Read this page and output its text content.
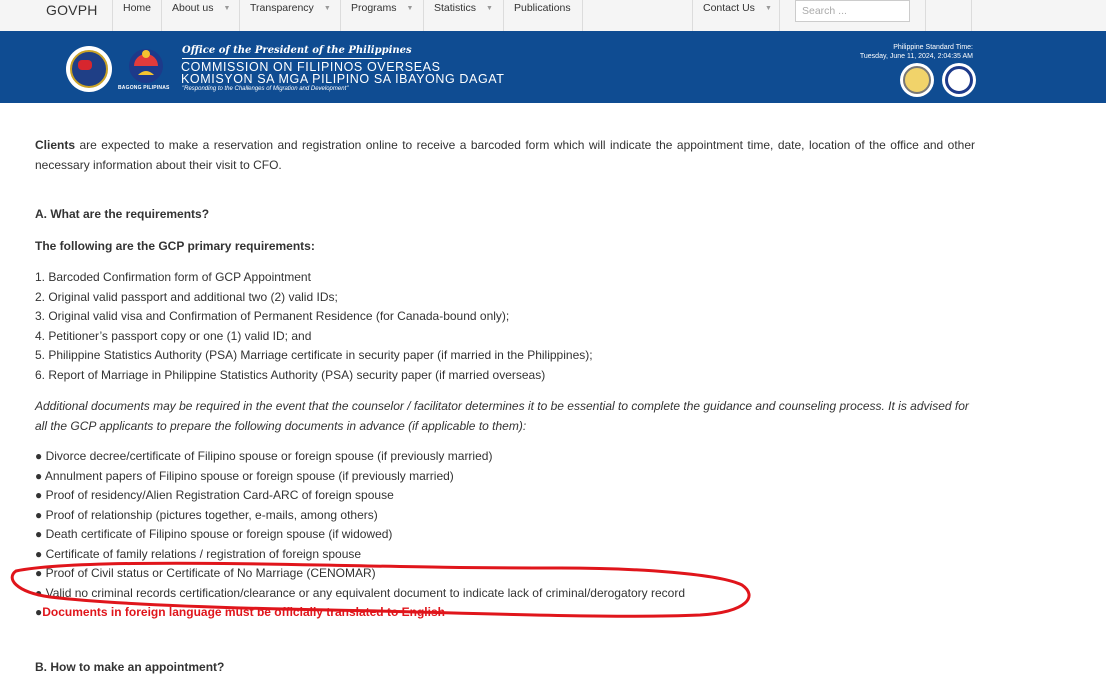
GOVPH	Home	About us ▼	Transparency ▼	Programs ▼	Statistics ▼	Publications	Contact Us ▼
Search ...
BAGONG PILIPINAS
Office of the President of the Philippines
COMMISSION ON FILIPINOS OVERSEAS
KOMISYON SA MGA PILIPINO SA IBAYONG DAGAT
"Responding to the Challenges of Migration and Development"
Philippine Standard Time:
Tuesday, June 11, 2024, 2:04:35 AM

Clients are expected to make a reservation and registration online to receive a barcoded form which will indicate the appointment time, date, location of the office and other necessary information about their visit to CFO.

A. What are the requirements?

The following are the GCP primary requirements:

1. Barcoded Confirmation form of GCP Appointment

2. Original valid passport and additional two (2) valid IDs;

3. Original valid visa and Confirmation of Permanent Residence (for Canada-bound only);

4. Petitioner’s passport copy or one (1) valid ID; and

5. Philippine Statistics Authority (PSA) Marriage certificate in security paper (if married in the Philippines);

6. Report of Marriage in Philippine Statistics Authority (PSA) security paper (if married overseas)

Additional documents may be required in the event that the counselor / facilitator determines it to be essential to complete the guidance and counseling process. It is advised for all the GCP applicants to prepare the following documents in advance (if applicable to them):

● Divorce decree/certificate of Filipino spouse or foreign spouse (if previously married)

● Annulment papers of Filipino spouse or foreign spouse (if previously married)

● Proof of residency/Alien Registration Card-ARC of foreign spouse

● Proof of relationship (pictures together, e-mails, among others)

● Death certificate of Filipino spouse or foreign spouse (if widowed)

● Certificate of family relations / registration of foreign spouse

● Proof of Civil status or Certificate of No Marriage (CENOMAR)

● Valid no criminal records certification/clearance or any equivalent document to indicate lack of criminal/derogatory record

●Documents in foreign language must be officially translated to English

B. How to make an appointment?
